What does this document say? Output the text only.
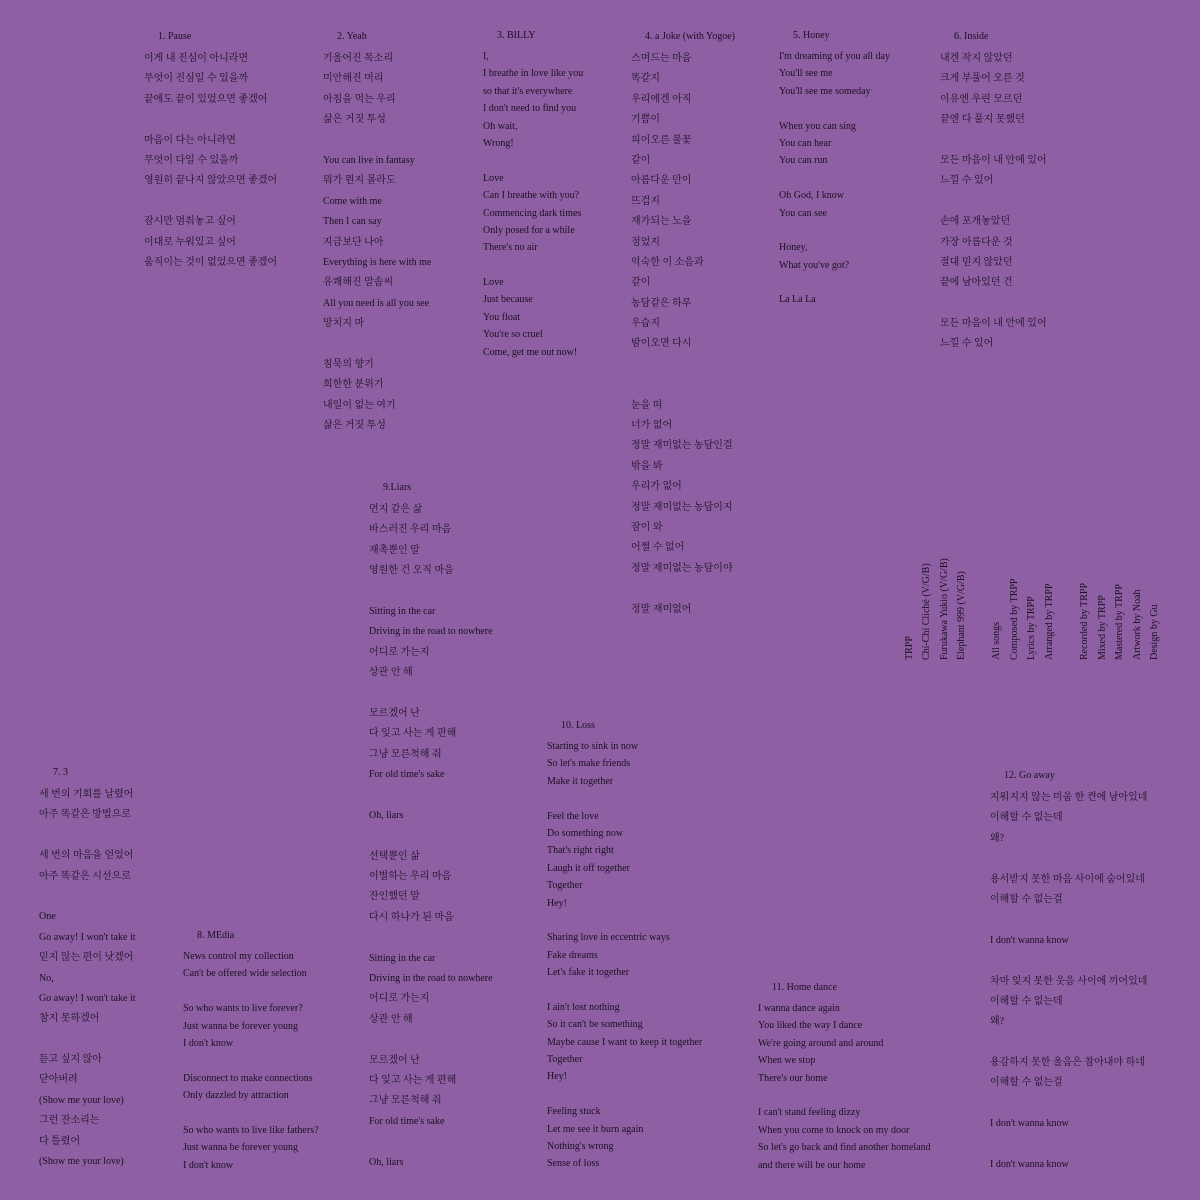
1. Pause
이게 내 진심이 아니라면
무엇이 진심일 수 있을까
끝에도 끝이 있었으면 좋겠어
마음이 다는 아니라면
무엇이 다일 수 있을까
영원히 끝나지 않았으면 좋겠어
잠시만 멈춰놓고 싶어
이대로 누워있고 싶어
움직이는 것이 없었으면 좋겠어
2. Yeah
기울어진 목소리
미안해진 머리
아침을 먹는 우리
삶은 거짓 투성
You can live in fantasy
뭐가 뭔지 몰라도
Come with me
Then I can say
지금보단 나아
Everything is here with me
유쾌해진 말솜씨
All you need is all you see
망치지 마
침묵의 향기
희한한 분위기
내일이 없는 여기
삶은 거짓 투성
3. BILLY
I,
I breathe in love like you
so that it's everywhere
I don't need to find you
Oh wait,
Wrong!
Love
Can I breathe with you?
Commencing dark times
Only posed for a while
There's no air
Love
Just because
You float
You're so cruel
Come, get me out now!
4. a Joke (with Yogoe)
스며드는 마음
똑같지
우리에겐 아직
기쁨이
피어오른 불꽃
같이
아름다운 만이
뜨겁지
재가되는 노을
점었지
익숙한 이 소음과
같이
농담같은 하루
우습지
밤이오면 다시
눈을 떠
너가 없어
정말 재미없는 농담인걸
밖을 봐
우리가 없어
정말 재미없는 농담이지
잠이 와
어쩔 수 없어
정말 재미없는 농담이야
정말 재미없어
5. Honey
I'm dreaming of you all day
You'll see me
You'll see me someday
When you can sing
You can hear
You can run
Oh God, I know
You can see
Honey,
What you've got?
La La La
6. Inside
내겐 작지 않았던
크게 부풀어 오른 것
이유엔 우린 모르던
끝엔 다 풀지 못했던
모든 마음이 내 안에 있어
느낄 수 있어
손에 포개놓았던
가장 아름다운 것
절대 믿지 않았던
끝에 남아있던 건
모든 마음이 내 안에 있어
느낄 수 있어
7. 3
세 번의 기회를 날렸어
아주 똑같은 방법으로
세 번의 마음을 얻었어
아주 똑같은 시선으로
One
Go away! I won't take it
믿지 않는 편이 낫겠어
No,
Go away! I won't take it
참지 못하겠어
듣고 싶지 않아
닫아버려
(Show me your love)
그런 잔소리는
다 틀렸어
(Show me your love)
8. MEdia
News control my collection
Can't be offered wide selection
So who wants to live forever?
Just wanna be forever young
I don't know
Disconnect to make connections
Only dazzled by attraction
So who wants to live like fathers?
Just wanna be forever young
I don't know
9.Liars
먼지 같은 삶
바스러진 우리 마음
재촉뿐인 말
영원한 건 오직 마음
Sitting in the car
Driving in the road to nowhere
어디로 가는지
상관 안 해
모르겠어 난
다 잊고 사는 게 편해
그냥 모른척해 줘
For old time's sake
Oh, liars
선택뿐인 삶
이별하는 우리 마음
잔인했던 말
다시 하나가 된 마음
Sitting in the car
Driving in the road to nowhere
어디로 가는지
상관 안 해
모르겠어 난
다 잊고 사는 게 편해
그냥 모른척해 줘
For old time's sake
Oh, liars
10. Loss
Starting to sink in now
So let's make friends
Make it together
Feel the love
Do something now
That's right right
Laugh it off together
Together
Hey!
Sharing love in eccentric ways
Fake dreams
Let's fake it together
I ain't lost nothing
So it can't be something
Maybe cause I want to keep it together
Together
Hey!
Feeling stuck
Let me see it burn again
Nothing's wrong
Sense of loss
11. Home dance
I wanna dance again
You liked the way I dance
We're going around and around
When we stop
There's our home
I can't stand feeling dizzy
When you come to knock on my door
So let's go back and find another homeland
and there will be our home
12. Go away
지워지지 않는 미움 한 켠에 남아있네
이해할 수 없는데
왜?
용서받지 못한 마음 사이에 숨어있네
이해할 수 없는걸
I don't wanna know
차마 잊지 못한 웃음 사이에 끼어있네
이해할 수 없는데
왜?
용감하지 못한 울음은 참아내야 하네
이해할 수 없는걸
I don't wanna know
I don't wanna know
TRPP Chi-Chi Cliché (V/G/B) Furukawa Yukio (V/G/B) Elephant 999 (V/G/B) All songs Composed by TRPP Lyrics by TRPP Arranged by TRPP Recorded by TRPP Mixed by TRPP Mastered by TRPP Artwork by Noah Design by Gu
